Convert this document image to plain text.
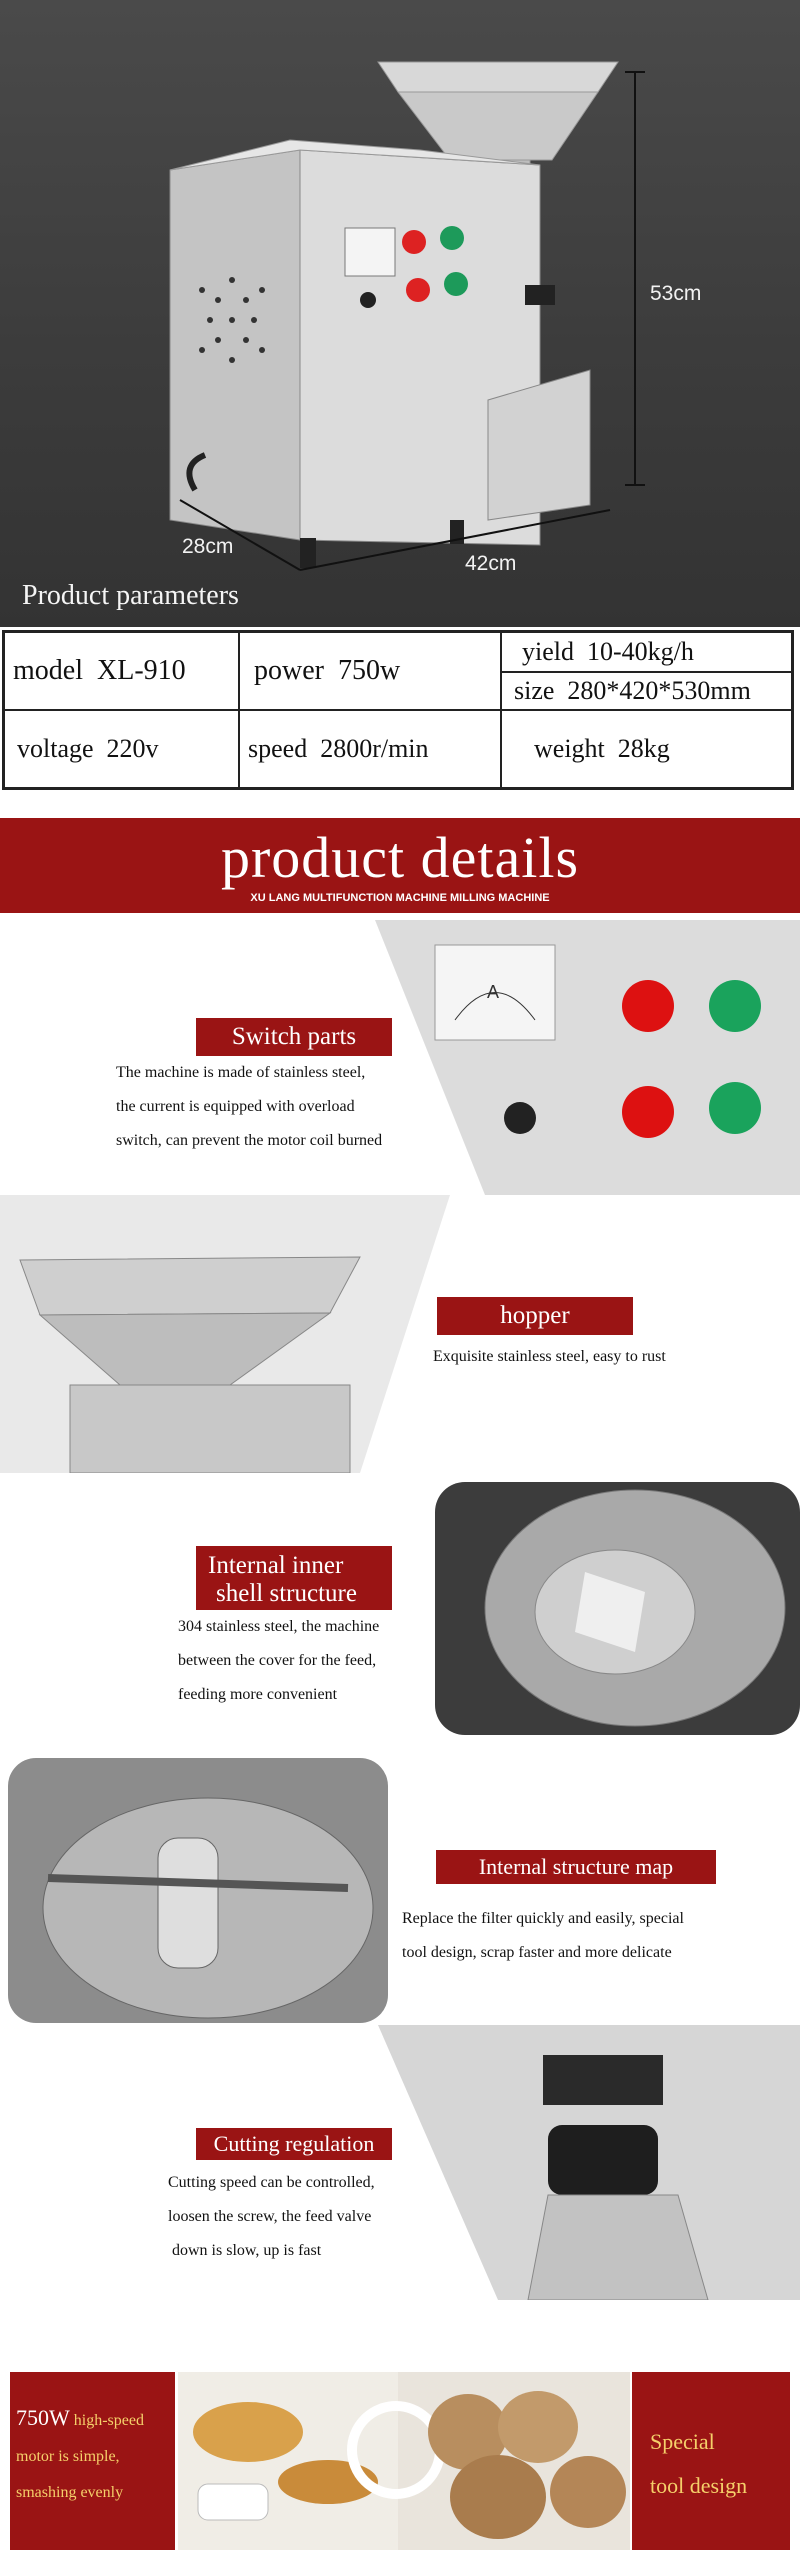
53cm
28cm
42cm
Product parameters
model
XL-910 power
750w
yield
10-40kg/h
size
280*420*530mm
voltage
220v	speed
2800r/min	weight
28kg
product details
XU LANG MULTIFUNCTION MACHINE MILLING MACHINE
A
Switch parts
The machine is made of stainless steel,
the current is equipped with overload
switch, can prevent the motor coil burned
hopper
Exquisite stainless steel, easy to rust
Internal inner
shell structure
304 stainless steel, the machine
between the cover for the feed,
feeding more convenient
Internal structure map
Replace the filter quickly and easily, special
tool design, scrap faster and more delicate
Cutting regulation
Cutting speed can be controlled,
loosen the screw, the feed valve
down is slow, up is fast
750W high-speed
motor is simple,
smashing evenly
Special
tool design
